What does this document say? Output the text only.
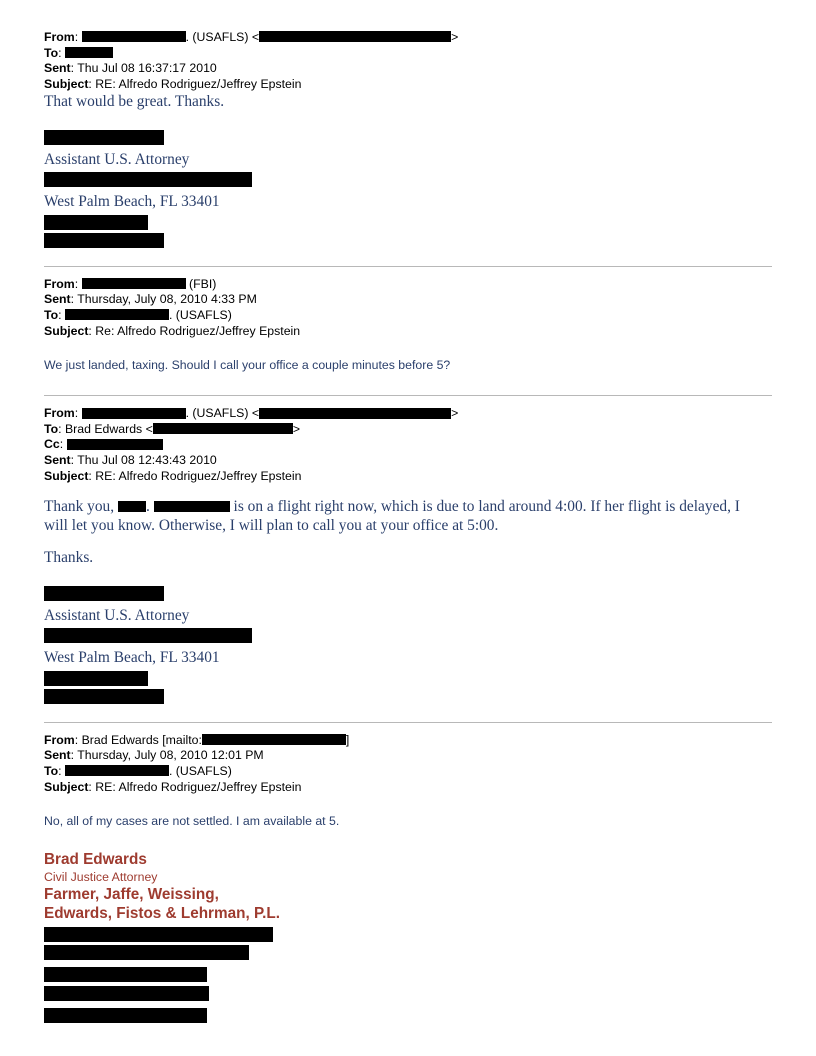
From:	. (USAFLS) <	>
To:
Sent: Thu Jul 08 16:37:17 2010
Subject: RE: Alfredo Rodriguez/Jeffrey Epstein
That would be great. Thanks.
Assistant U.S. Attorney
West Palm Beach, FL 33401
From:	(FBI)
Sent: Thursday, July 08, 2010 4:33 PM
To:	. (USAFLS)
Subject: Re: Alfredo Rodriguez/Jeffrey Epstein
We just landed, taxing. Should I call your office a couple minutes before 5?
From:	. (USAFLS) <	>
To: Brad Edwards <	>
Cc:
Sent: Thu Jul 08 12:43:43 2010
Subject: RE: Alfredo Rodriguez/Jeffrey Epstein
Thank you, .	is on a flight right now, which is due to land around 4:00. If her flight is delayed, I
will let you know. Otherwise, I will plan to call you at your office at 5:00.
Thanks.
Assistant U.S. Attorney
West Palm Beach, FL 33401
From: Brad Edwards [mailto:	]
Sent: Thursday, July 08, 2010 12:01 PM
To:	. (USAFLS)
Subject: RE: Alfredo Rodriguez/Jeffrey Epstein
No, all of my cases are not settled. I am available at 5.
Brad Edwards
Civil Justice Attorney
Farmer, Jaffe, Weissing,
Edwards, Fistos & Lehrman, P.L.
